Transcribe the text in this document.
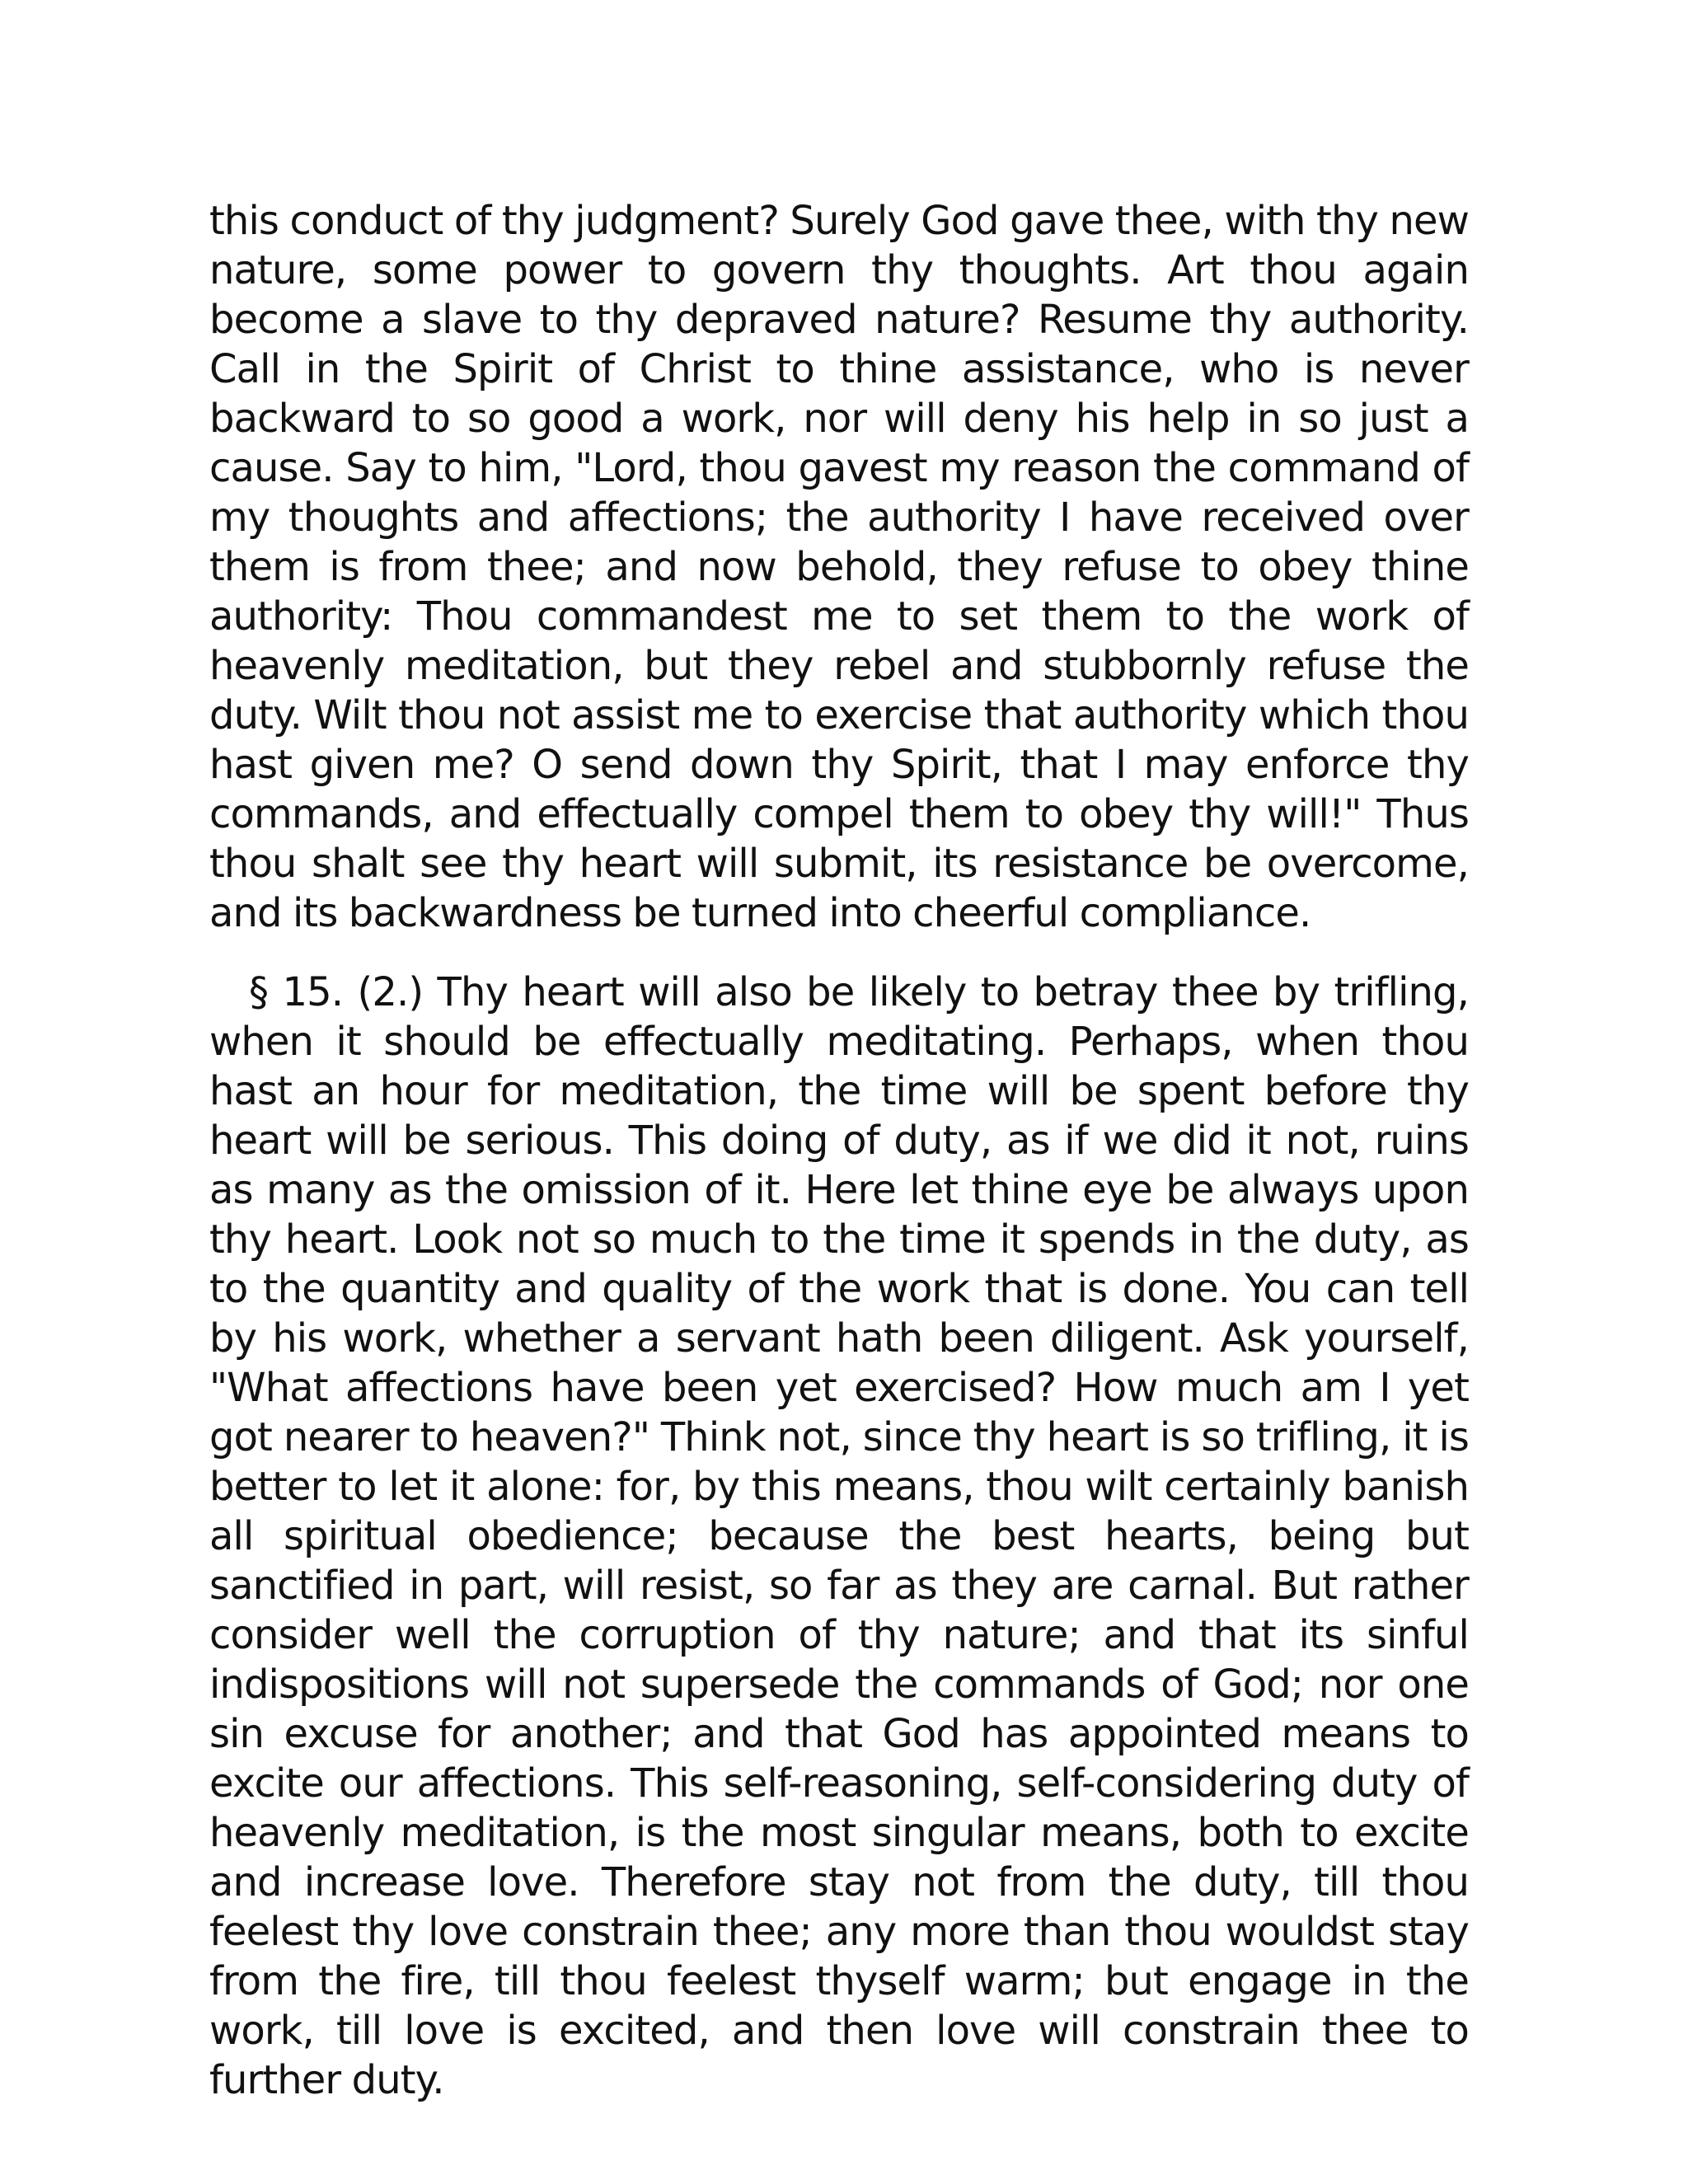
this conduct of thy judgment? Surely God gave thee, with thy new nature, some power to govern thy thoughts. Art thou again become a slave to thy depraved nature? Resume thy authority. Call in the Spirit of Christ to thine assistance, who is never backward to so good a work, nor will deny his help in so just a cause. Say to him, "Lord, thou gavest my reason the command of my thoughts and affections; the authority I have received over them is from thee; and now behold, they refuse to obey thine authority: Thou commandest me to set them to the work of heavenly meditation, but they rebel and stubbornly refuse the duty. Wilt thou not assist me to exercise that authority which thou hast given me? O send down thy Spirit, that I may enforce thy commands, and effectually compel them to obey thy will!" Thus thou shalt see thy heart will submit, its resistance be overcome, and its backwardness be turned into cheerful compliance.

§ 15. (2.) Thy heart will also be likely to betray thee by trifling, when it should be effectually meditating. Perhaps, when thou hast an hour for meditation, the time will be spent before thy heart will be serious. This doing of duty, as if we did it not, ruins as many as the omission of it. Here let thine eye be always upon thy heart. Look not so much to the time it spends in the duty, as to the quantity and quality of the work that is done. You can tell by his work, whether a servant hath been diligent. Ask yourself, "What affections have been yet exercised? How much am I yet got nearer to heaven?" Think not, since thy heart is so trifling, it is better to let it alone: for, by this means, thou wilt certainly banish all spiritual obedience; because the best hearts, being but sanctified in part, will resist, so far as they are carnal. But rather consider well the corruption of thy nature; and that its sinful indispositions will not supersede the commands of God; nor one sin excuse for another; and that God has appointed means to excite our affections. This self-reasoning, self-considering duty of heavenly meditation, is the most singular means, both to excite and increase love. Therefore stay not from the duty, till thou feelest thy love constrain thee; any more than thou wouldst stay from the fire, till thou feelest thyself warm; but engage in the work, till love is excited, and then love will constrain thee to further duty.
